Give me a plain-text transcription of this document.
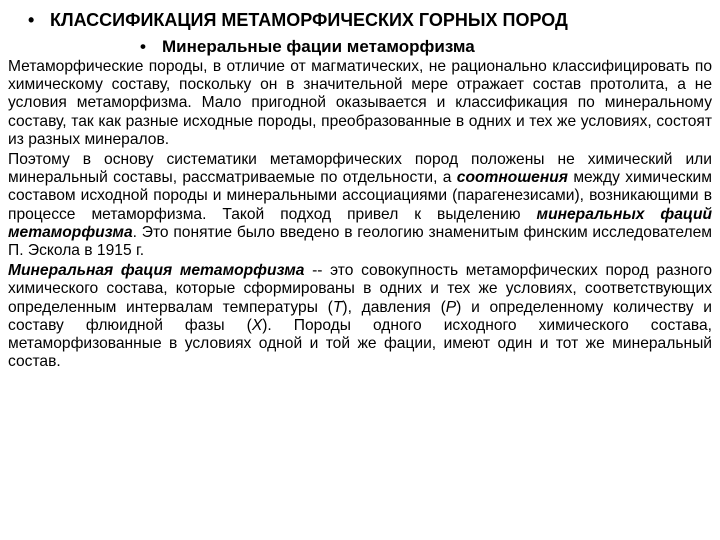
• КЛАССИФИКАЦИЯ МЕТАМОРФИЧЕСКИХ ГОРНЫХ ПОРОД
• Минеральные фации метаморфизма

Метаморфические породы, в отличие от магматических, не рационально классифицировать по химическому составу, поскольку он в значительной мере отражает состав протолита, а не условия метаморфизма. Мало пригодной оказывается и классификация по минеральному составу, так как разные исходные породы, преобразованные в одних и тех же условиях, состоят из разных минералов.

Поэтому в основу систематики метаморфических пород положены не химический или минеральный составы, рассматриваемые по отдельности, а соотношения между химическим составом исходной породы и минеральными ассоциациями (парагенезисами), возникающими в процессе метаморфизма. Такой подход привел к выделению минеральных фаций метаморфизма. Это понятие было введено в геологию знаменитым финским исследователем П. Эскола в 1915 г.

Минеральная фация метаморфизма -- это совокупность метаморфических пород разного химического состава, которые сформированы в одних и тех же условиях, соответствующих определенным интервалам температуры (T), давления (P) и определенному количеству и составу флюидной фазы (X). Породы одного исходного химического состава, метаморфизованные в условиях одной и той же фации, имеют один и тот же минеральный состав.
